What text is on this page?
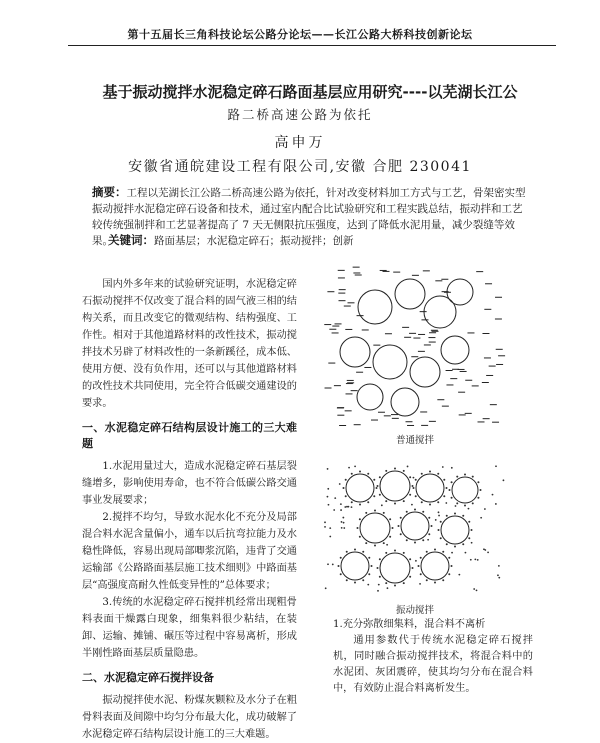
第十五届长三角科技论坛公路分论坛——长江公路大桥科技创新论坛
基于振动搅拌水泥稳定碎石路面基层应用研究----以芜湖长江公
路二桥高速公路为依托
高申万
安徽省通皖建设工程有限公司,安徽 合肥 230041
摘要：工程以芜湖长江公路二桥高速公路为依托，针对改变材料加工方式与工艺，骨架密实型振动搅拌水泥稳定碎石设备和技术，通过室内配合比试验研究和工程实践总结，振动拌和工艺较传统强制拌和工艺显著提高了 7 天无侧限抗压强度，达到了降低水泥用量，减少裂缝等效果。
关键词：路面基层；水泥稳定碎石；振动搅拌；创新

国内外多年来的试验研究证明，水泥稳定碎石振动搅拌不仅改变了混合料的固气液三相的结构关系，而且改变它的微观结构、结构强度、工作性。相对于其他道路材料的改性技术，振动搅拌技术另辟了材料改性的一条新蹊径，成本低、使用方便、没有负作用，还可以与其他道路材料的改性技术共同使用，完全符合低碳交通建设的要求。

一、水泥稳定碎石结构层设计施工的三大难题

1.水泥用量过大，造成水泥稳定碎石基层裂缝增多，影响使用寿命，也不符合低碳公路交通事业发展要求；

2.搅拌不均匀，导致水泥水化不充分及局部混合料水泥含量偏小，通车以后抗弯拉能力及水稳性降低，容易出现局部唧浆沉陷，违背了交通运输部《公路路面基层施工技术细则》中路面基层“高强度高耐久性低变异性的”总体要求；

3.传统的水泥稳定碎石搅拌机经常出现粗骨料表面干燥露白现象，细集料很少粘结，在装卸、运输、摊铺、碾压等过程中容易离析，形成半刚性路面基层质量隐患。

二、水泥稳定碎石搅拌设备

振动搅拌使水泥、粉煤灰颗粒及水分子在粗骨料表面及间隙中均匀分布最大化，成功破解了水泥稳定碎石结构层设计施工的三大难题。

普通搅拌
振动搅拌

1.充分弥散细集料，混合料不离析

通用参数代于传统水泥稳定碎石搅拌机，同时融合振动搅拌技术，将混合料中的水泥团、灰团震碎，使其均匀分布在混合料中，有效防止混合料离析发生。
